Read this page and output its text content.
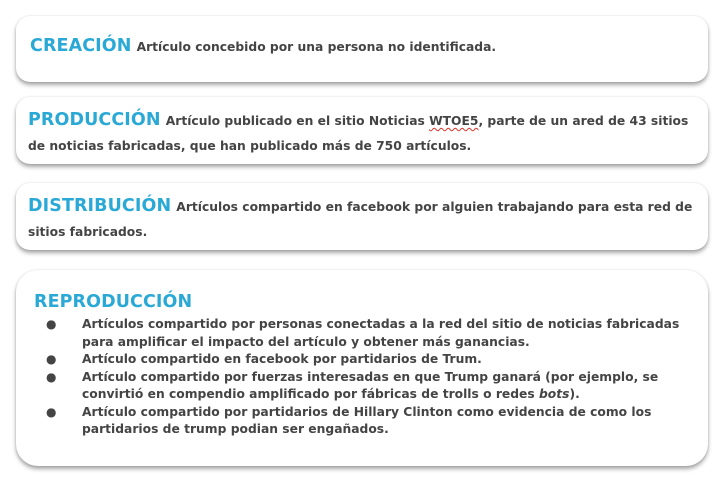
CREACIÓN Artículo concebido por una persona no identificada.

PRODUCCIÓN Artículo publicado en el sitio Noticias WTOE5, parte de un ared de 43 sitios de noticias fabricadas, que han publicado más de 750 artículos.

DISTRIBUCIÓN Artículos compartido en facebook por alguien trabajando para esta red de sitios fabricados.

REPRODUCCIÓN
● Artículos compartido por personas conectadas a la red del sitio de noticias fabricadas para amplificar el impacto del artículo y obtener más ganancias.
● Artículo compartido en facebook por partidarios de Trum.
● Artículo compartido por fuerzas interesadas en que Trump ganará (por ejemplo, se convirtió en compendio amplificado por fábricas de trolls o redes bots).
● Artículo compartido por partidarios de Hillary Clinton como evidencia de como los partidarios de trump podian ser engañados.
